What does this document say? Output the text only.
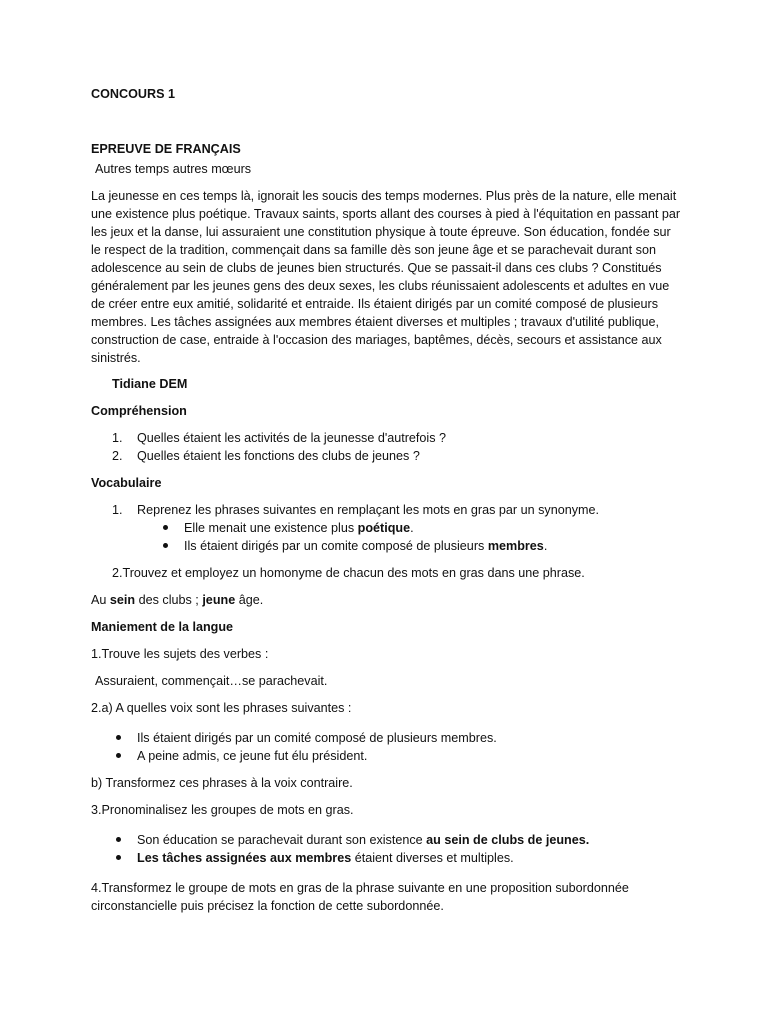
CONCOURS 1

EPREUVE DE FRANÇAIS

Autres temps autres mœurs

La jeunesse en ces temps là, ignorait les soucis des temps modernes. Plus près de la nature, elle menait une existence plus poétique. Travaux saints, sports allant des courses à pied à l'équitation en passant par les jeux et la danse, lui assuraient une constitution physique à toute épreuve. Son éducation, fondée sur le respect de la tradition, commençait dans sa famille dès son jeune âge et se parachevait durant son adolescence au sein de clubs de jeunes bien structurés. Que se passait-il dans ces clubs ? Constitués généralement par les jeunes gens des deux sexes, les clubs réunissaient adolescents et adultes en vue de créer entre eux amitié, solidarité et entraide. Ils étaient dirigés par un comité composé de plusieurs membres. Les tâches assignées aux membres étaient diverses et multiples ; travaux d'utilité publique, construction de case, entraide à l'occasion des mariages, baptêmes, décès, secours et assistance aux sinistrés.

Tidiane DEM

Compréhension

1. Quelles étaient les activités de la jeunesse d'autrefois ?
2. Quelles étaient les fonctions des clubs de jeunes ?

Vocabulaire

1. Reprenez les phrases suivantes en remplaçant les mots en gras par un synonyme.
Elle menait une existence plus poétique.
Ils étaient dirigés par un comite composé de plusieurs membres.

2.Trouvez et employez un homonyme de chacun des mots en gras dans une phrase.

Au sein des clubs ; jeune âge.

Maniement de la langue

1.Trouve les sujets des verbes :

Assuraient, commençait…se parachevait.

2.a) A quelles voix sont les phrases suivantes :

Ils étaient dirigés par un comité composé de plusieurs membres.
A peine admis, ce jeune fut élu président.

b) Transformez ces phrases à la voix contraire.

3.Pronominalisez les groupes de mots en gras.

Son éducation se parachevait durant son existence au sein de clubs de jeunes.
Les tâches assignées aux membres étaient diverses et multiples.

4.Transformez le groupe de mots en gras de la phrase suivante en une proposition subordonnée circonstancielle puis précisez la fonction de cette subordonnée.
